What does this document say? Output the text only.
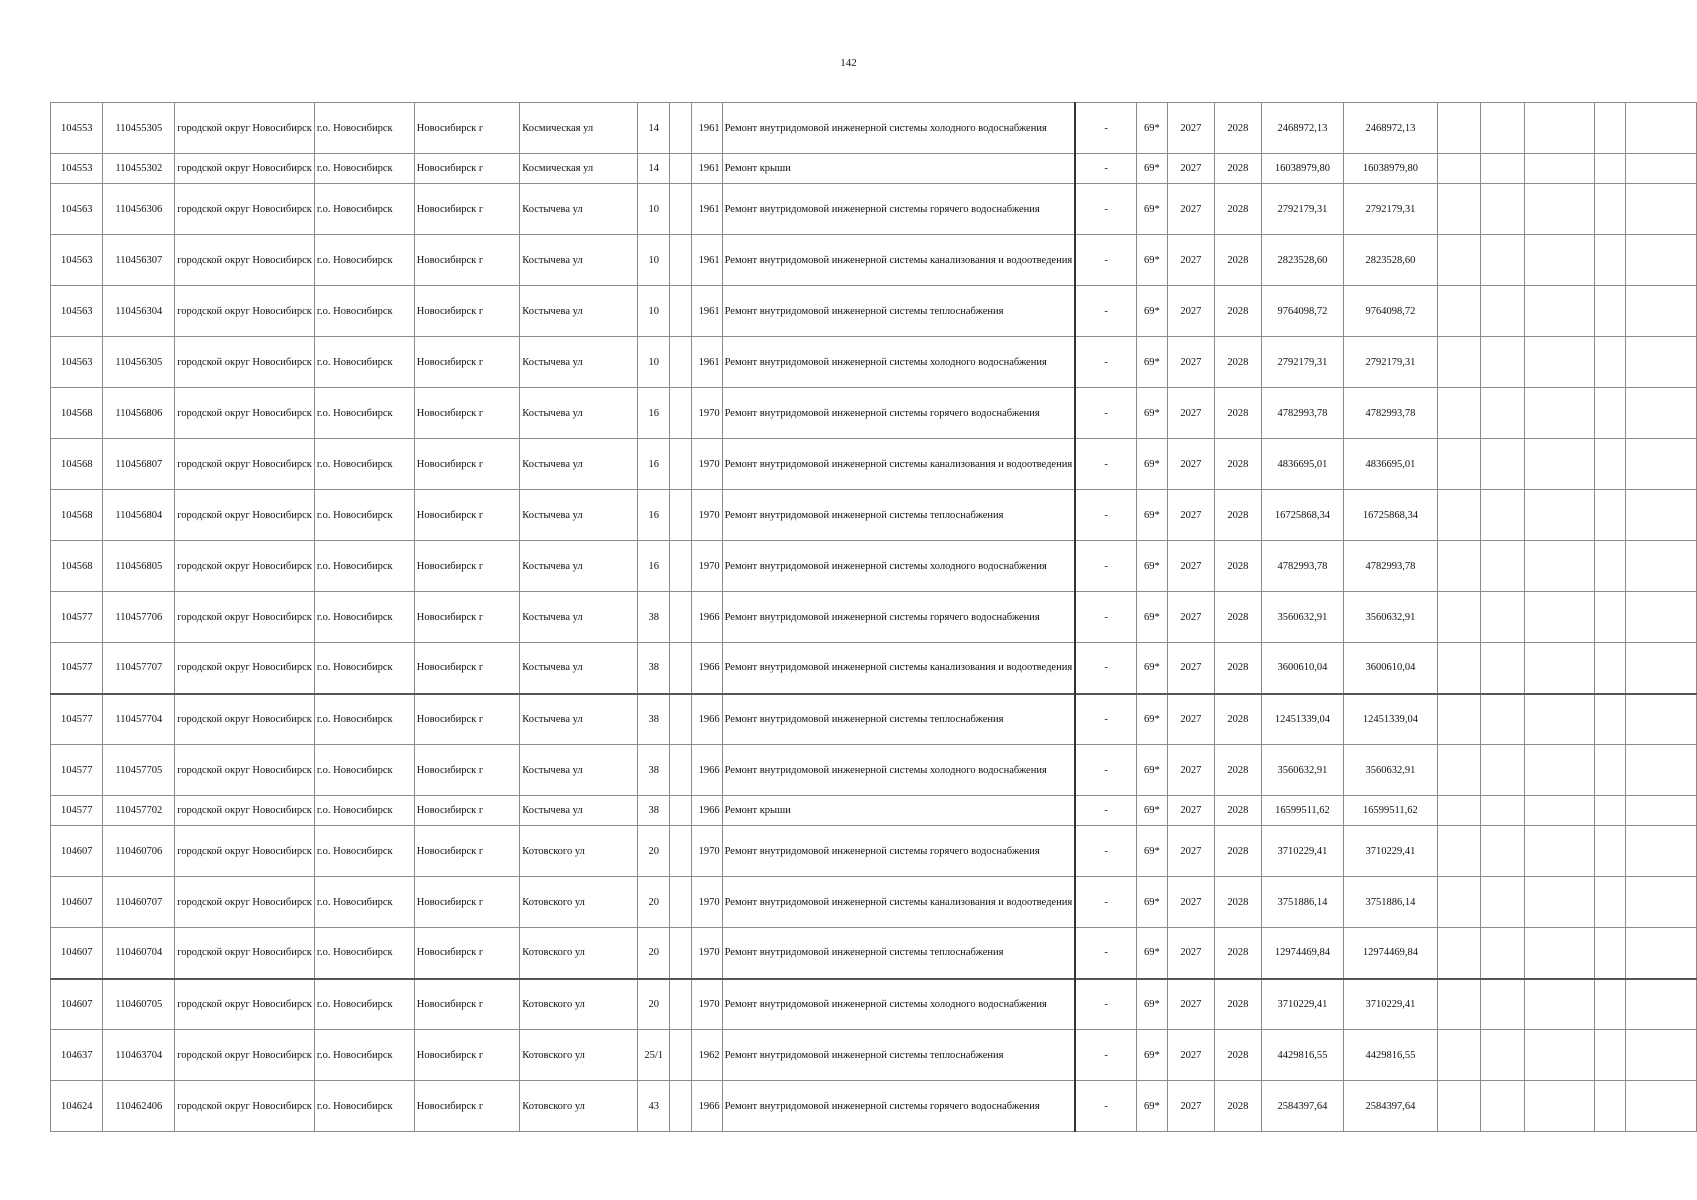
142
104553	110455305	городской округ Новосибирск	г.о. Новосибирск	Новосибирск г	Космическая ул	14		1961	Ремонт внутридомовой инженерной системы холодного водоснабжения	-	69*	2027	2028	2468972,13	2468972,13					
104553	110455302	городской округ Новосибирск	г.о. Новосибирск	Новосибирск г	Космическая ул	14		1961	Ремонт крыши	-	69*	2027	2028	16038979,80	16038979,80					
104563	110456306	городской округ Новосибирск	г.о. Новосибирск	Новосибирск г	Костычева ул	10		1961	Ремонт внутридомовой инженерной системы горячего водоснабжения	-	69*	2027	2028	2792179,31	2792179,31					
104563	110456307	городской округ Новосибирск	г.о. Новосибирск	Новосибирск г	Костычева ул	10		1961	Ремонт внутридомовой инженерной системы канализования и водоотведения	-	69*	2027	2028	2823528,60	2823528,60					
104563	110456304	городской округ Новосибирск	г.о. Новосибирск	Новосибирск г	Костычева ул	10		1961	Ремонт внутридомовой инженерной системы теплоснабжения	-	69*	2027	2028	9764098,72	9764098,72					
104563	110456305	городской округ Новосибирск	г.о. Новосибирск	Новосибирск г	Костычева ул	10		1961	Ремонт внутридомовой инженерной системы холодного водоснабжения	-	69*	2027	2028	2792179,31	2792179,31					
104568	110456806	городской округ Новосибирск	г.о. Новосибирск	Новосибирск г	Костычева ул	16		1970	Ремонт внутридомовой инженерной системы горячего водоснабжения	-	69*	2027	2028	4782993,78	4782993,78					
104568	110456807	городской округ Новосибирск	г.о. Новосибирск	Новосибирск г	Костычева ул	16		1970	Ремонт внутридомовой инженерной системы канализования и водоотведения	-	69*	2027	2028	4836695,01	4836695,01					
104568	110456804	городской округ Новосибирск	г.о. Новосибирск	Новосибирск г	Костычева ул	16		1970	Ремонт внутридомовой инженерной системы теплоснабжения	-	69*	2027	2028	16725868,34	16725868,34					
104568	110456805	городской округ Новосибирск	г.о. Новосибирск	Новосибирск г	Костычева ул	16		1970	Ремонт внутридомовой инженерной системы холодного водоснабжения	-	69*	2027	2028	4782993,78	4782993,78					
104577	110457706	городской округ Новосибирск	г.о. Новосибирск	Новосибирск г	Костычева ул	38		1966	Ремонт внутридомовой инженерной системы горячего водоснабжения	-	69*	2027	2028	3560632,91	3560632,91					
104577	110457707	городской округ Новосибирск	г.о. Новосибирск	Новосибирск г	Костычева ул	38		1966	Ремонт внутридомовой инженерной системы канализования и водоотведения	-	69*	2027	2028	3600610,04	3600610,04					
104577	110457704	городской округ Новосибирск	г.о. Новосибирск	Новосибирск г	Костычева ул	38		1966	Ремонт внутридомовой инженерной системы теплоснабжения	-	69*	2027	2028	12451339,04	12451339,04					
104577	110457705	городской округ Новосибирск	г.о. Новосибирск	Новосибирск г	Костычева ул	38		1966	Ремонт внутридомовой инженерной системы холодного водоснабжения	-	69*	2027	2028	3560632,91	3560632,91					
104577	110457702	городской округ Новосибирск	г.о. Новосибирск	Новосибирск г	Костычева ул	38		1966	Ремонт крыши	-	69*	2027	2028	16599511,62	16599511,62					
104607	110460706	городской округ Новосибирск	г.о. Новосибирск	Новосибирск г	Котовского ул	20		1970	Ремонт внутридомовой инженерной системы горячего водоснабжения	-	69*	2027	2028	3710229,41	3710229,41					
104607	110460707	городской округ Новосибирск	г.о. Новосибирск	Новосибирск г	Котовского ул	20		1970	Ремонт внутридомовой инженерной системы канализования и водоотведения	-	69*	2027	2028	3751886,14	3751886,14					
104607	110460704	городской округ Новосибирск	г.о. Новосибирск	Новосибирск г	Котовского ул	20		1970	Ремонт внутридомовой инженерной системы теплоснабжения	-	69*	2027	2028	12974469,84	12974469,84					
104607	110460705	городской округ Новосибирск	г.о. Новосибирск	Новосибирск г	Котовского ул	20		1970	Ремонт внутридомовой инженерной системы холодного водоснабжения	-	69*	2027	2028	3710229,41	3710229,41					
104637	110463704	городской округ Новосибирск	г.о. Новосибирск	Новосибирск г	Котовского ул	25/1		1962	Ремонт внутридомовой инженерной системы теплоснабжения	-	69*	2027	2028	4429816,55	4429816,55					
104624	110462406	городской округ Новосибирск	г.о. Новосибирск	Новосибирск г	Котовского ул	43		1966	Ремонт внутридомовой инженерной системы горячего водоснабжения	-	69*	2027	2028	2584397,64	2584397,64					
